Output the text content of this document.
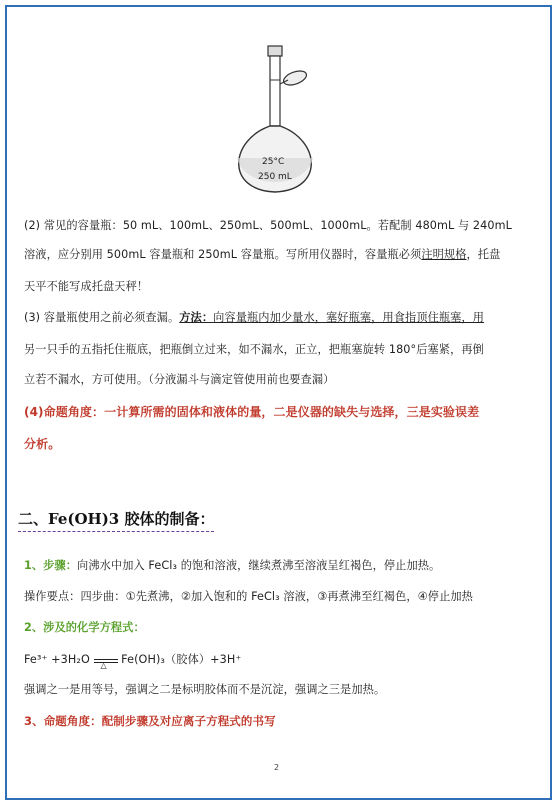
25°C
250 mL

(2) 常见的容量瓶：50 mL、100mL、250mL、500mL、1000mL。若配制 480mL 与 240mL

溶液，应分别用 500mL 容量瓶和 250mL 容量瓶。写所用仪器时，容量瓶必须注明规格，托盘

天平不能写成托盘天秤！

(3) 容量瓶使用之前必须查漏。方法：向容量瓶内加少量水，塞好瓶塞，用食指顶住瓶塞，用

另一只手的五指托住瓶底，把瓶倒立过来，如不漏水，正立，把瓶塞旋转 180°后塞紧，再倒

立若不漏水，方可使用。（分液漏斗与滴定管使用前也要查漏）

(4)命题角度：一计算所需的固体和液体的量，二是仪器的缺失与选择，三是实验误差

分析。

二、Fe(OH)3 胶体的制备：

1、步骤：向沸水中加入 FeCl₃ 的饱和溶液，继续煮沸至溶液呈红褐色，停止加热。

操作要点：四步曲：①先煮沸，②加入饱和的 FeCl₃ 溶液，③再煮沸至红褐色，④停止加热

2、涉及的化学方程式：

Fe³⁺ +3H₂O △ Fe(OH)₃（胶体）+3H⁺

强调之一是用等号，强调之二是标明胶体而不是沉淀，强调之三是加热。

3、命题角度：配制步骤及对应离子方程式的书写

2
